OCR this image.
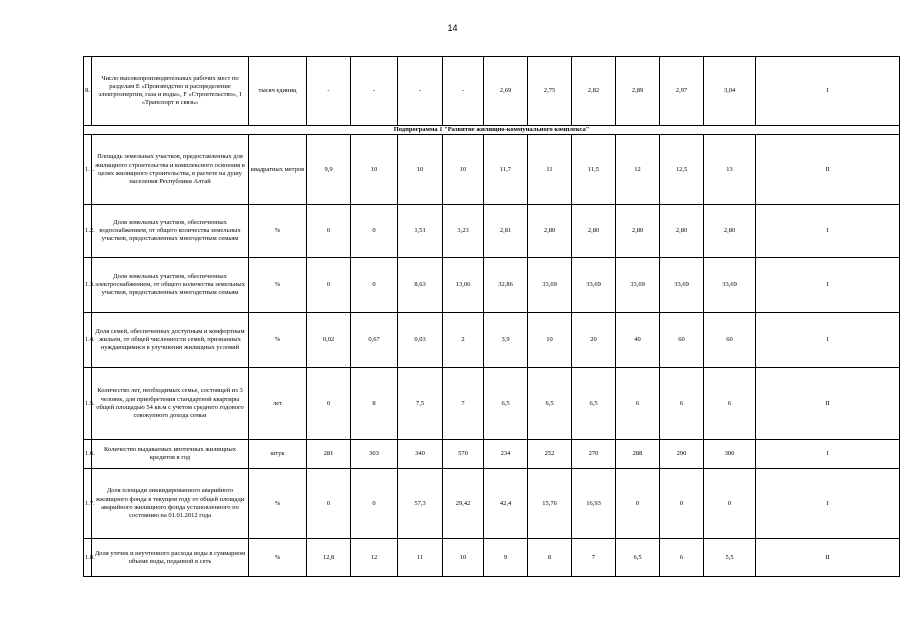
14
8.	Число высокопроизводительных рабочих мест по разделам Е «Производство и распределение электроэнергии, газа и воды», F «Строительство», I «Транспорт и связь»	тысяч единиц	-	-	-	-	2,69	2,75	2,82	2,89	2,97	3,04	I
Подпрограмма 1 "Развитие жилищно-коммунального комплекса"													
1.1.	Площадь земельных участков, предоставленных для жилищного строительства и комплексного освоения в целях жилищного строительства, в расчете на душу населения Республики Алтай	квадратных метров	9,9	10	10	10	11,7	11	11,5	12	12,5	13	II
1.2.	Доля земельных участков, обеспеченных водоснабжением, от общего количества земельных участков, предоставленных многодетным семьям	%	0	0	1,51	3,23	2,81	2,80	2,80	2,80	2,80	2,80	I
1.3.	Доля земельных участков, обеспеченных электроснабжением, от общего количества земельных участков, предоставленных многодетным семьям	%	0	0	8,63	13,06	32,86	33,69	33,69	33,69	33,69	33,69	I
1.4.	Доля семей, обеспеченных доступным и комфортным жильем, от общей численности семей, признанных нуждающимися в улучшении жилищных условий	%	0,02	0,67	0,03	2	3,9	10	20	40	60	60	I
1.5.	Количество лет, необходимых семье, состоящей из 3 человек, для приобретения стандартной квартиры общей площадью 54 кв.м с учетом среднего годового совокупного дохода семьи	лет	0	8	7,5	7	6,5	6,5	6,5	6	6	6	II
1.6.	Количество выдаваемых ипотечных жилищных кредитов в год	штук	281	303	340	570	234	252	270	288	290	300	I
1.7.	Доля площади ликвидированного аварийного жилищного фонда в текущем году от общей площади аварийного жилищного фонда установленного по состоянию на 01.01.2012 года	%	0	0	57,3	29,42	42,4	15,76	16,93	0	0	0	I
1.8.	Доля утечек и неучтенного расхода воды в суммарном объеме воды, поданной в сеть	%	12,8	12	11	10	9	8	7	6,5	6	5,5	II
